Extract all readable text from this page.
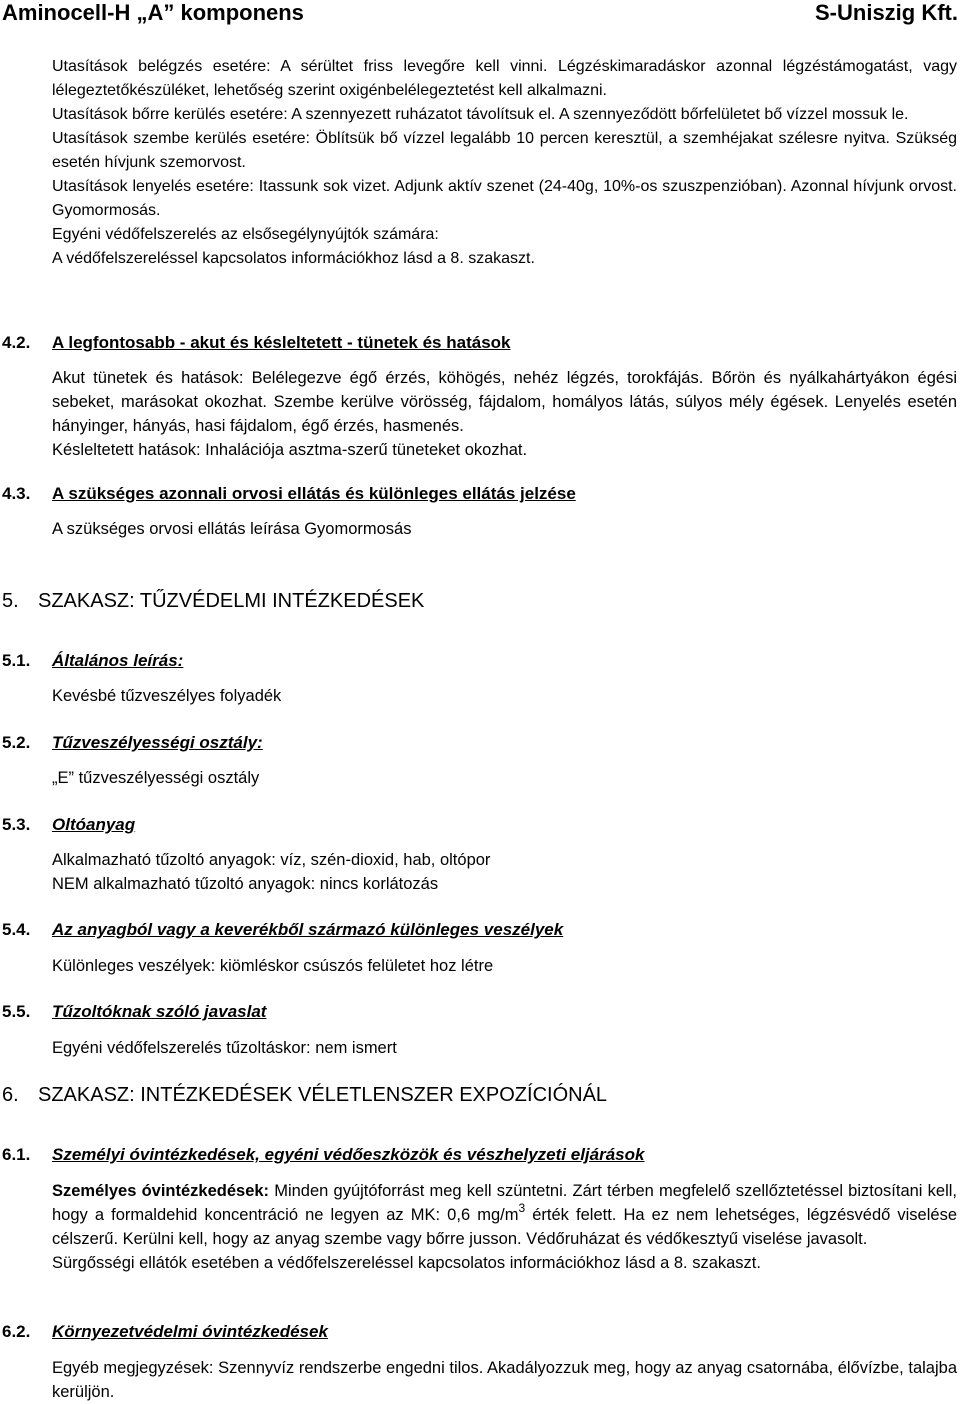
Aminocell-H „A” komponens	S-Uniszig Kft.

Utasítások belégzés esetére: A sérültet friss levegőre kell vinni. Légzéskimaradáskor azonnal légzéstámogatást, vagy lélegeztetőkészüléket, lehetőség szerint oxigénbelélegeztetést kell alkalmazni.

Utasítások bőrre kerülés esetére: A szennyezett ruházatot távolítsuk el. A szennyeződött bőrfelületet bő vízzel mossuk le.

Utasítások szembe kerülés esetére: Öblítsük bő vízzel legalább 10 percen keresztül, a szemhéjakat szélesre nyitva. Szükség esetén hívjunk szemorvost.

Utasítások lenyelés esetére: Itassunk sok vizet. Adjunk aktív szenet (24-40g, 10%-os szuszpenzióban). Azonnal hívjunk orvost. Gyomormosás.

Egyéni védőfelszerelés az elsősegélynyújtók számára:

A védőfelszereléssel kapcsolatos információkhoz lásd a 8. szakaszt.

4.2. A legfontosabb - akut és késleltetett - tünetek és hatások

Akut tünetek és hatások: Belélegezve égő érzés, köhögés, nehéz légzés, torokfájás. Bőrön és nyálkahártyákon égési sebeket, marásokat okozhat. Szembe kerülve vörösség, fájdalom, homályos látás, súlyos mély égések. Lenyelés esetén hányinger, hányás, hasi fájdalom, égő érzés, hasmenés.

Késleltetett hatások: Inhalációja asztma-szerű tüneteket okozhat.

4.3. A szükséges azonnali orvosi ellátás és különleges ellátás jelzése

A szükséges orvosi ellátás leírása Gyomormosás

5. SZAKASZ: TŰZVÉDELMI INTÉZKEDÉSEK
5.1. Általános leírás:

Kevésbé tűzveszélyes folyadék

5.2. Tűzveszélyességi osztály:

„E” tűzveszélyességi osztály

5.3. Oltóanyag

Alkalmazható tűzoltó anyagok: víz, szén-dioxid, hab, oltópor

NEM alkalmazható tűzoltó anyagok: nincs korlátozás

5.4. Az anyagból vagy a keverékből származó különleges veszélyek

Különleges veszélyek: kiömléskor csúszós felületet hoz létre

5.5. Tűzoltóknak szóló javaslat

Egyéni védőfelszerelés tűzoltáskor: nem ismert

6. SZAKASZ: INTÉZKEDÉSEK VÉLETLENSZER EXPOZÍCIÓNÁL
6.1. Személyi óvintézkedések, egyéni védőeszközök és vészhelyzeti eljárások

Személyes óvintézkedések: Minden gyújtóforrást meg kell szüntetni. Zárt térben megfelelő szellőztetéssel biztosítani kell, hogy a formaldehid koncentráció ne legyen az MK: 0,6 $mg/m^3$ érték felett. Ha ez nem lehetséges, légzésvédő viselése célszerű. Kerülni kell, hogy az anyag szembe vagy bőrre jusson. Védőruházat és védőkesztyű viselése javasolt.

Sürgősségi ellátók esetében a védőfelszereléssel kapcsolatos információkhoz lásd a 8. szakaszt.

6.2. Környezetvédelmi óvintézkedések

Egyéb megjegyzések: Szennyvíz rendszerbe engedni tilos. Akadályozzuk meg, hogy az anyag csatornába, élővízbe, talajba kerüljön.
